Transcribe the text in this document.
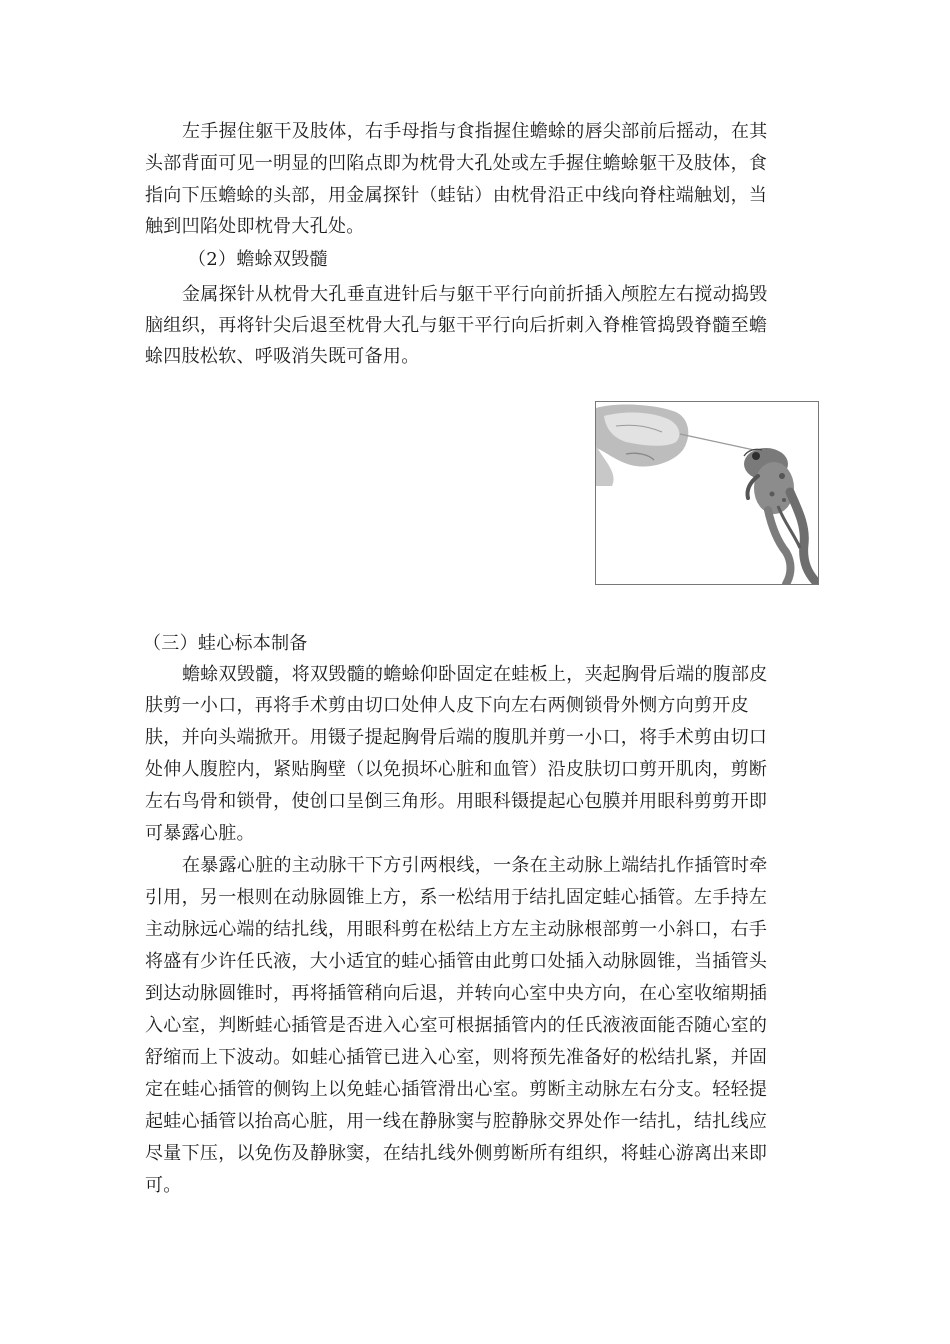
左手握住躯干及肢体，右手母指与食指握住蟾蜍的唇尖部前后摇动，在其
头部背面可见一明显的凹陷点即为枕骨大孔处或左手握住蟾蜍躯干及肢体，食
指向下压蟾蜍的头部，用金属探针（蛙钻）由枕骨沿正中线向脊柱端触划，当
触到凹陷处即枕骨大孔处。
（2）蟾蜍双毁髓
金属探针从枕骨大孔垂直进针后与躯干平行向前折插入颅腔左右搅动捣毁
脑组织，再将针尖后退至枕骨大孔与躯干平行向后折刺入脊椎管捣毁脊髓至蟾
蜍四肢松软、呼吸消失既可备用。
（三）蛙心标本制备
蟾蜍双毁髓，将双毁髓的蟾蜍仰卧固定在蛙板上，夹起胸骨后端的腹部皮
肤剪一小口，再将手术剪由切口处伸人皮下向左右两侧锁骨外恻方向剪开皮
肤，并向头端掀开。用镊子提起胸骨后端的腹肌并剪一小口，将手术剪由切口
处伸人腹腔内，紧贴胸壁（以免损坏心脏和血管）沿皮肤切口剪开肌肉，剪断
左右鸟骨和锁骨，使创口呈倒三角形。用眼科镊提起心包膜并用眼科剪剪开即
可暴露心脏。
在暴露心脏的主动脉干下方引两根线，一条在主动脉上端结扎作插管时牵
引用，另一根则在动脉圆锥上方，系一松结用于结扎固定蛙心插管。左手持左
主动脉远心端的结扎线，用眼科剪在松结上方左主动脉根部剪一小斜口，右手
将盛有少许任氏液，大小适宜的蛙心插管由此剪口处插入动脉圆锥，当插管头
到达动脉圆锥时，再将插管稍向后退，并转向心室中央方向，在心室收缩期插
入心室，判断蛙心插管是否进入心室可根据插管内的任氏液液面能否随心室的
舒缩而上下波动。如蛙心插管已进入心室，则将预先准备好的松结扎紧，并固
定在蛙心插管的侧钩上以免蛙心插管滑出心室。剪断主动脉左右分支。轻轻提
起蛙心插管以抬高心脏，用一线在静脉窦与腔静脉交界处作一结扎，结扎线应
尽量下压，以免伤及静脉窦，在结扎线外侧剪断所有组织，将蛙心游离出来即
可。
